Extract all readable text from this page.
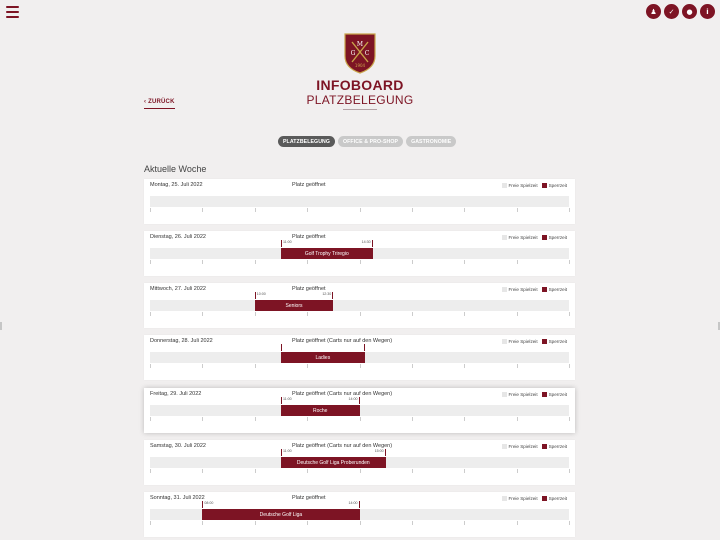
♟	✓	●	i
M
G C
1904
INFOBOARD
PLATZBELEGUNG
‹ ZURÜCK
PLATZBELEGUNG	OFFICE & PRO-SHOP	GASTRONOMIE
Aktuelle Woche
Montag, 25. Juli 2022	Platz geöffnet	Freie Spielzeit Sperrzeit
Dienstag, 26. Juli 2022	Platz geöffnet	Freie Spielzeit Sperrzeit
11:00	14:30
Golf Trophy Triregio
Mittwoch, 27. Juli 2022	Platz geöffnet	Freie Spielzeit Sperrzeit
10:00	12:30
Seniors
Donnerstag, 28. Juli 2022	Platz geöffnet (Carts nur auf den Wegen)	Freie Spielzeit Sperrzeit
Ladies
Freitag, 29. Juli 2022	Platz geöffnet (Carts nur auf den Wegen)	Freie Spielzeit Sperrzeit
11:00	14:00
Roche
Samstag, 30. Juli 2022	Platz geöffnet (Carts nur auf den Wegen)	Freie Spielzeit Sperrzeit
11:00	15:00
Deutsche Golf Liga Proberunden
Sonntag, 31. Juli 2022	Platz geöffnet	Freie Spielzeit Sperrzeit
08:00	14:00
Deutsche Golf Liga
